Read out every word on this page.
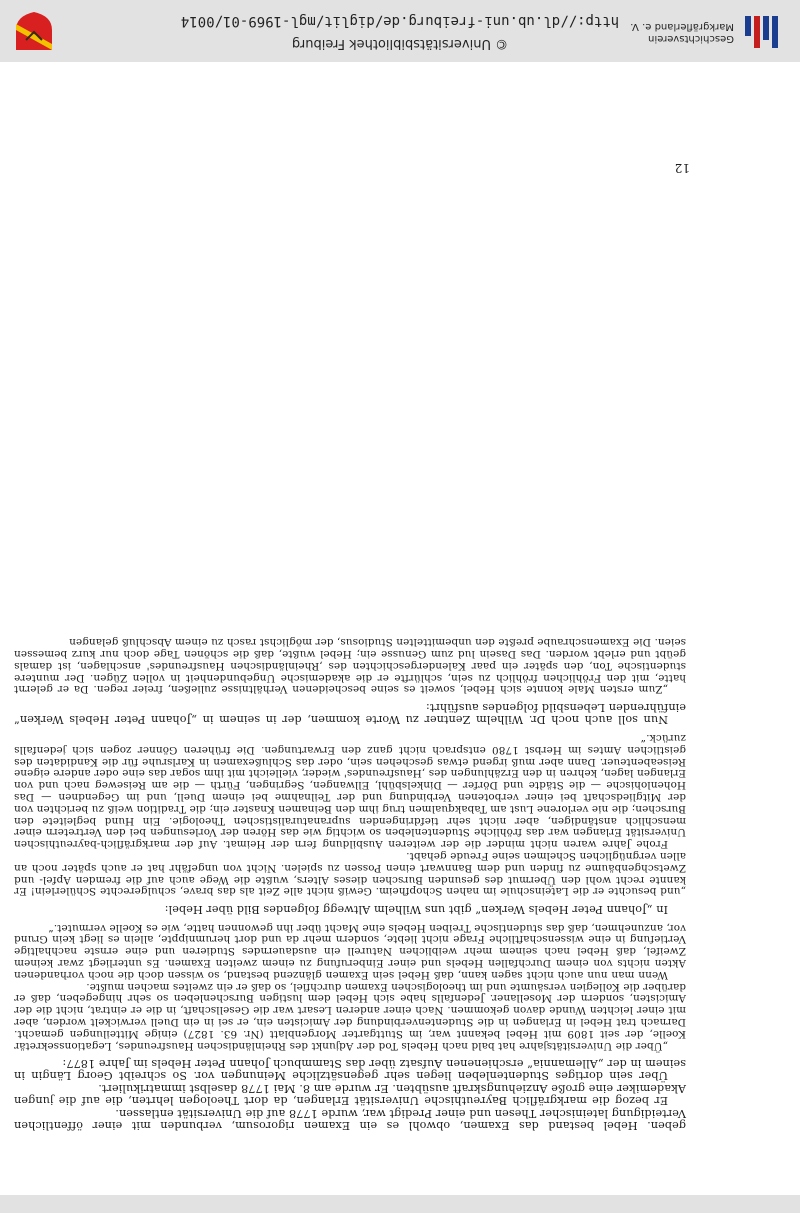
© Universitätsbibliothek Freiburg
http://dl.ub.uni-freiburg.de/diglit/mgl-1969-01/0014
Geschichtsverein Markgräflerland e. V.

geben. Hebel bestand das Examen, obwohl es ein Examen rigorosum, verbunden mit einer öffentlichen Verteidigung lateinischer Thesen und einer Predigt war, wurde 1778 auf die Universität entlassen.

Er bezog die markgräflich Bayreuthische Universität Erlangen, da dort Theologen lehrten, die auf die jungen Akademiker eine große Anziehungskraft ausübten. Er wurde am 8. Mai 1778 daselbst immatrikuliert.

Über sein dortiges Studentenleben liegen sehr gegensätzliche Meinungen vor. So schreibt Georg Längin in seinem in der „Allemannia“ erschienenen Aufsatz über das Stammbuch Johann Peter Hebels im Jahre 1877:

„Über die Universitätsjahre hat bald nach Hebels Tod der Adjunkt des Rheinländischen Hausfreundes, Legationssekretär Koelle, der seit 1809 mit Hebel bekannt war, im Stuttgarter Morgenblatt (Nr. 63. 1827) einige Mitteilungen gemacht. Darnach trat Hebel in Erlangen in die Studentenverbindung der Amicisten ein, er sei in ein Duell verwickelt worden, aber mit einer leichten Wunde davon gekommen. Nach einer anderen Lesart war die Gesellschaft, in die er eintrat, nicht die der Amicisten, sondern der Mosellaner. Jedenfalls habe sich Hebel dem lustigen Burschenleben so sehr hingegeben, daß er darüber die Kollegien versäumte und im theologischen Examen durchfiel, so daß er ein zweites machen mußte.

Wenn man nun auch nicht sagen kann, daß Hebel sein Examen glänzend bestand, so wissen doch die noch vorhandenen Akten nichts von einem Durchfallen Hebels und einer Einberufung zu einem zweiten Examen. Es unterliegt zwar keinem Zweifel, daß Hebel nach seinem mehr weiblichen Naturell ein ausdauerndes Studieren und eine ernste nachhaltige Vertiefung in eine wissenschaftliche Frage nicht liebte, sondern mehr da und dort herumnippte, allein es liegt kein Grund vor, anzunehmen, daß das studentische Treiben Hebels eine Macht über ihn gewonnen hatte, wie es Koelle vermutet.“

In „Johann Peter Hebels Werken“ gibt uns Wilhelm Altwegg folgendes Bild über Hebel:

„und besuchte er die Lateinschule im nahen Schopfheim. Gewiß nicht alle Zeit als das brave, schulgerechte Schülerlein! Er kannte recht wohl den Übermut des gesunden Burschen dieses Alters, wußte die Wege auch auf die fremden Apfel- und Zwetschgenbäume zu finden und dem Bannwart einen Possen zu spielen. Nicht von ungefähr hat er auch später noch an allen vergnüglichen Schelmen seine Freude gehabt.

Frohe Jahre waren nicht minder die der weiteren Ausbildung fern der Heimat. Auf der markgräflich-bayreuthischen Universität Erlangen war das fröhliche Studentenleben so wichtig wie das Hören der Vorlesungen bei den Vertretern einer menschlich anständigen, aber nicht sehr tiefdringenden supranaturalistischen Theologie. Ein Hund begleitete den Burschen; die nie verlorene Lust am Tabakqualmen trug ihm den Beinamen Knaster ein; die Tradition weiß zu berichten von der Mitgliedschaft bei einer verbotenen Verbindung und der Teilnahme bei einem Duell, und im Gegendnen — Das Hohenlohische — die Städte und Dörfer — Dinkelsbühl, Ellwangen, Segringen, Fürth — die am Reiseweg nach und von Erlangen lagen, kehren in den Erzählungen des ‚Hausfreundes' wieder, vielleicht mit ihm sogar das eine oder andere eigene Reiseabenteuer. Dann aber muß irgend etwas geschehen sein, oder das Schlußexamen in Karlsruhe für die Kandidaten des geistlichen Amtes im Herbst 1780 entsprach nicht ganz den Erwartungen. Die früheren Gönner zogen sich jedenfalls zurück.“

Nun soll auch noch Dr. Wilhelm Zentner zu Worte kommen, der in seinem in „Johann Peter Hebels Werken“ einführenden Lebensbild folgendes ausführt:

„Zum ersten Male konnte sich Hebel, soweit es seine bescheidenen Verhältnisse zuließen, freier regen. Da er gelernt hatte, mit den Fröhlichen fröhlich zu sein, schlürfte er die akademische Ungebundenheit in vollen Zügen. Der muntere studentische Ton, den später ein paar Kalendergeschichten des ‚Rheinländischen Hausfreundes' anschlagen, ist damals geübt und erlebt worden. Das Dasein lud zum Genusse ein; Hebel wußte, daß die schönen Tage doch nur kurz bemessen seien. Die Examenschraube preßte den unbemittelten Studiosus, der möglichst rasch zu einem Abschluß gelangen

12
